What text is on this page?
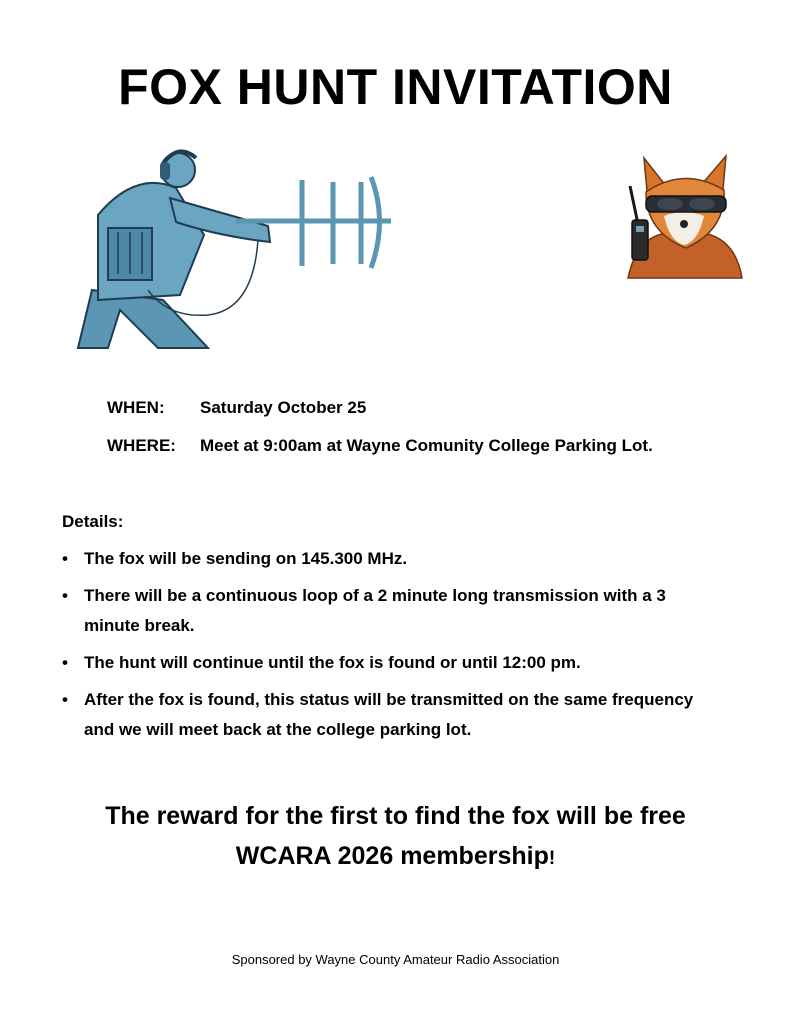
FOX HUNT INVITATION
WHEN: Saturday October 25
WHERE: Meet at 9:00am at Wayne Comunity College Parking Lot.
Details:
• The fox will be sending on 145.300 MHz.
• There will be a continuous loop of a 2 minute long transmission with a 3 minute break.
• The hunt will continue until the fox is found or until 12:00 pm.
• After the fox is found, this status will be transmitted on the same frequency and we will meet back at the college parking lot.
The reward for the first to find the fox will be free
WCARA 2026 membership!
Sponsored by Wayne County Amateur Radio Association
